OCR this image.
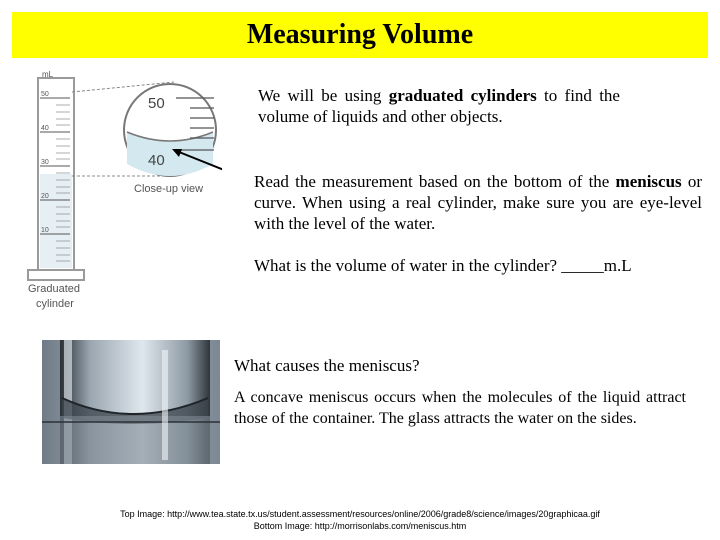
Measuring Volume
mL
50
40
30
20
10
50
40
Close-up view
Graduated
cylinder
We will be using graduated cylinders to find the volume of liquids and other objects.
Read the measurement based on the bottom of the meniscus or curve. When using a real cylinder, make sure you are eye-level with the level of the water.
What is the volume of water in the cylinder? _____m.L
What causes the meniscus?
A concave meniscus occurs when the molecules of the liquid attract those of the container. The glass attracts the water on the sides.
Top Image: http://www.tea.state.tx.us/student.assessment/resources/online/2006/grade8/science/images/20graphicaa.gif
Bottom Image: http://morrisonlabs.com/meniscus.htm
